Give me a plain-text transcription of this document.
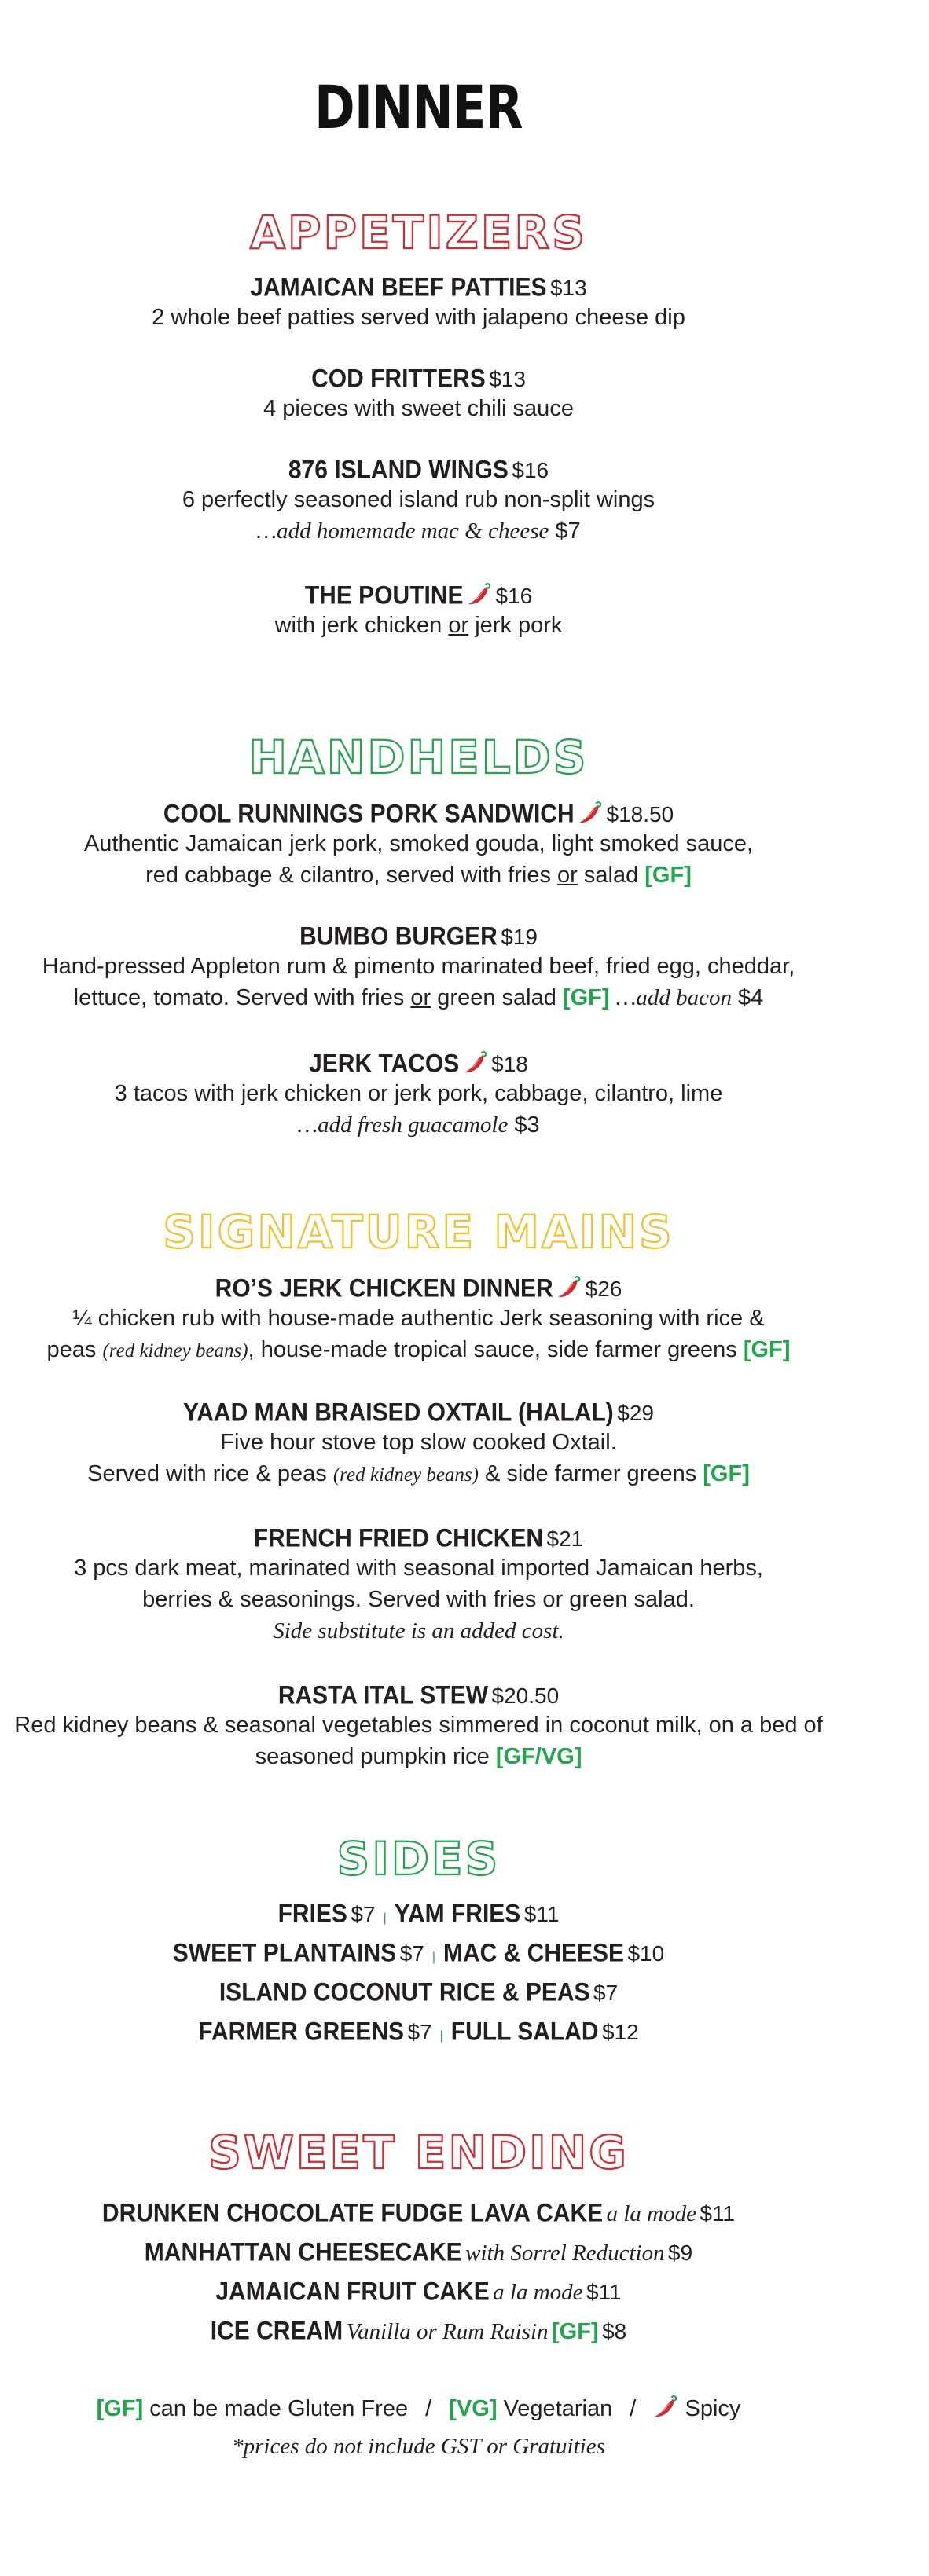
DINNER
APPETIZERS
JAMAICAN BEEF PATTIES $13
2 whole beef patties served with jalapeno cheese dip
COD FRITTERS $13
4 pieces with sweet chili sauce
876 ISLAND WINGS $16
6 perfectly seasoned island rub non-split wings
…add homemade mac & cheese $7
THE POUTINE $16
with jerk chicken or jerk pork
HANDHELDS
COOL RUNNINGS PORK SANDWICH $18.50
Authentic Jamaican jerk pork, smoked gouda, light smoked sauce,
red cabbage & cilantro, served with fries or salad [GF]
BUMBO BURGER $19
Hand-pressed Appleton rum & pimento marinated beef, fried egg, cheddar,
lettuce, tomato. Served with fries or green salad [GF] …add bacon $4
JERK TACOS $18
3 tacos with jerk chicken or jerk pork, cabbage, cilantro, lime
…add fresh guacamole $3
SIGNATURE MAINS
RO’S JERK CHICKEN DINNER $26
¼ chicken rub with house-made authentic Jerk seasoning with rice &
peas (red kidney beans), house-made tropical sauce, side farmer greens [GF]
YAAD MAN BRAISED OXTAIL (HALAL) $29
Five hour stove top slow cooked Oxtail.
Served with rice & peas (red kidney beans) & side farmer greens [GF]
FRENCH FRIED CHICKEN $21
3 pcs dark meat, marinated with seasonal imported Jamaican herbs,
berries & seasonings. Served with fries or green salad.
Side substitute is an added cost.
RASTA ITAL STEW $20.50
Red kidney beans & seasonal vegetables simmered in coconut milk, on a bed of
seasoned pumpkin rice [GF/VG]
SIDES
FRIES $7 | YAM FRIES $11
SWEET PLANTAINS $7 | MAC & CHEESE $10
ISLAND COCONUT RICE & PEAS $7
FARMER GREENS $7 | FULL SALAD $12
SWEET ENDING
DRUNKEN CHOCOLATE FUDGE LAVA CAKE a la mode $11
MANHATTAN CHEESECAKE with Sorrel Reduction $9
JAMAICAN FRUIT CAKE a la mode $11
ICE CREAM Vanilla or Rum Raisin [GF] $8
[GF] can be made Gluten Free / [VG] Vegetarian / Spicy
*prices do not include GST or Gratuities
